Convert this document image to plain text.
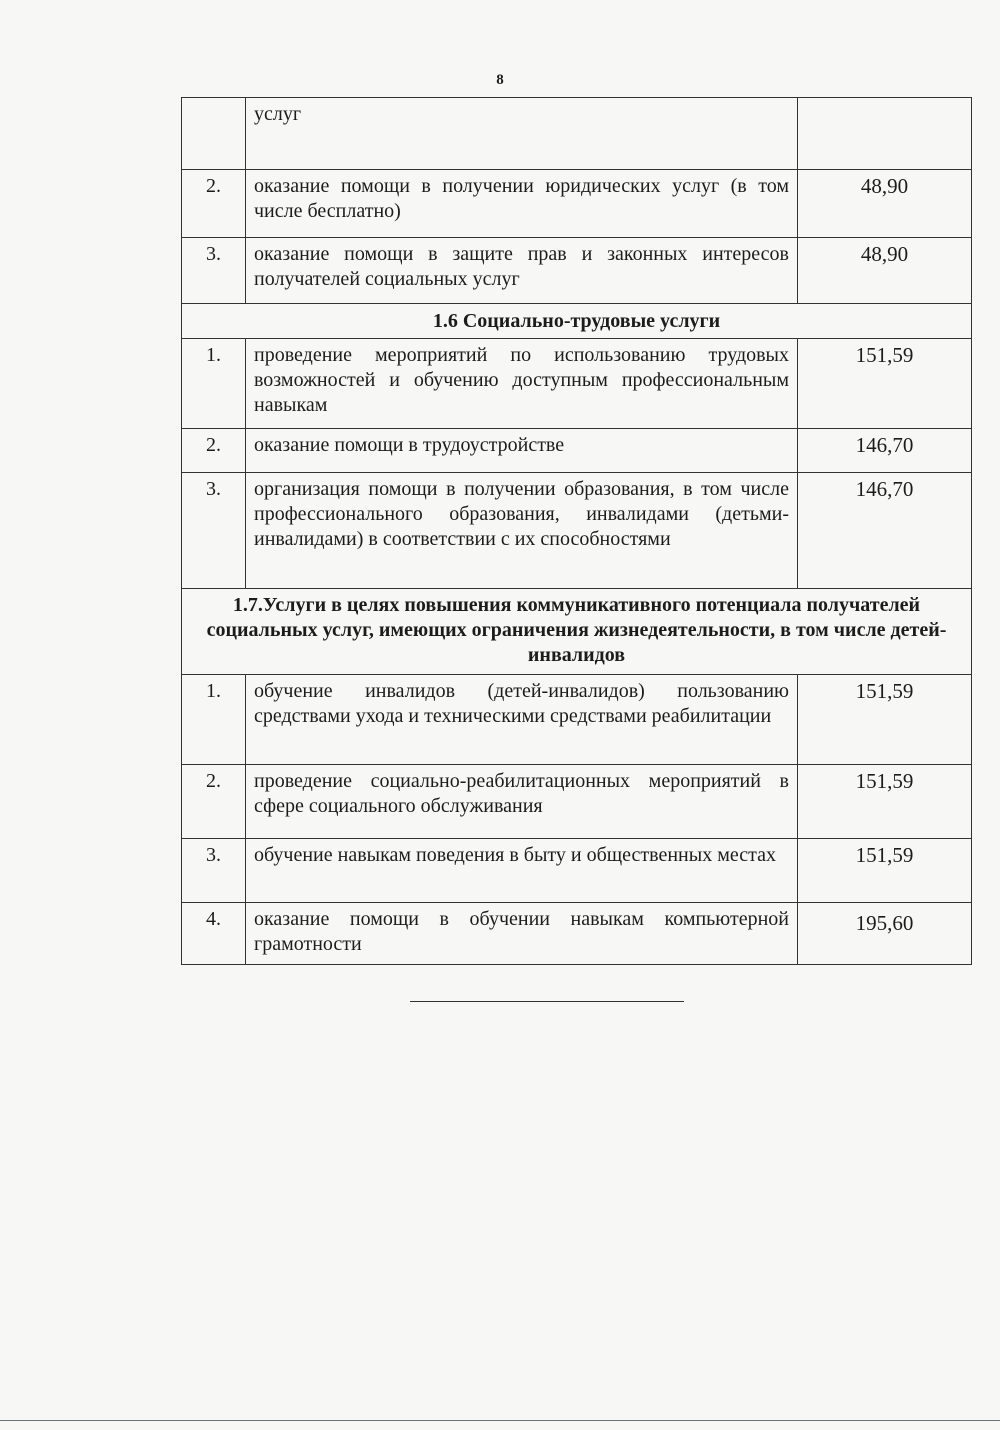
8
	услуг	
2.	оказание помощи в получении юридических услуг (в том числе бесплатно)	48,90
3.	оказание помощи в защите прав и законных интересов получателей социальных услуг	48,90
1.6 Социально-трудовые услуги		
1.	проведение мероприятий по использованию трудовых возможностей и обучению доступным профессиональным навыкам	151,59
2.	оказание помощи в трудоустройстве	146,70
3.	организация помощи в получении образования, в том числе профессионального образования, инвалидами (детьми-инвалидами) в соответствии с их способностями	146,70
1.7.Услуги в целях повышения коммуникативного потенциала получателей социальных услуг, имеющих ограничения жизнедеятельности, в том числе детей-инвалидов		
1.	обучение инвалидов (детей-инвалидов) пользованию средствами ухода и техническими средствами реабилитации	151,59
2.	проведение социально-реабилитационных мероприятий в сфере социального обслуживания	151,59
3.	обучение навыкам поведения в быту и общественных местах	151,59
4.	оказание помощи в обучении навыкам компьютерной грамотности	195,60
